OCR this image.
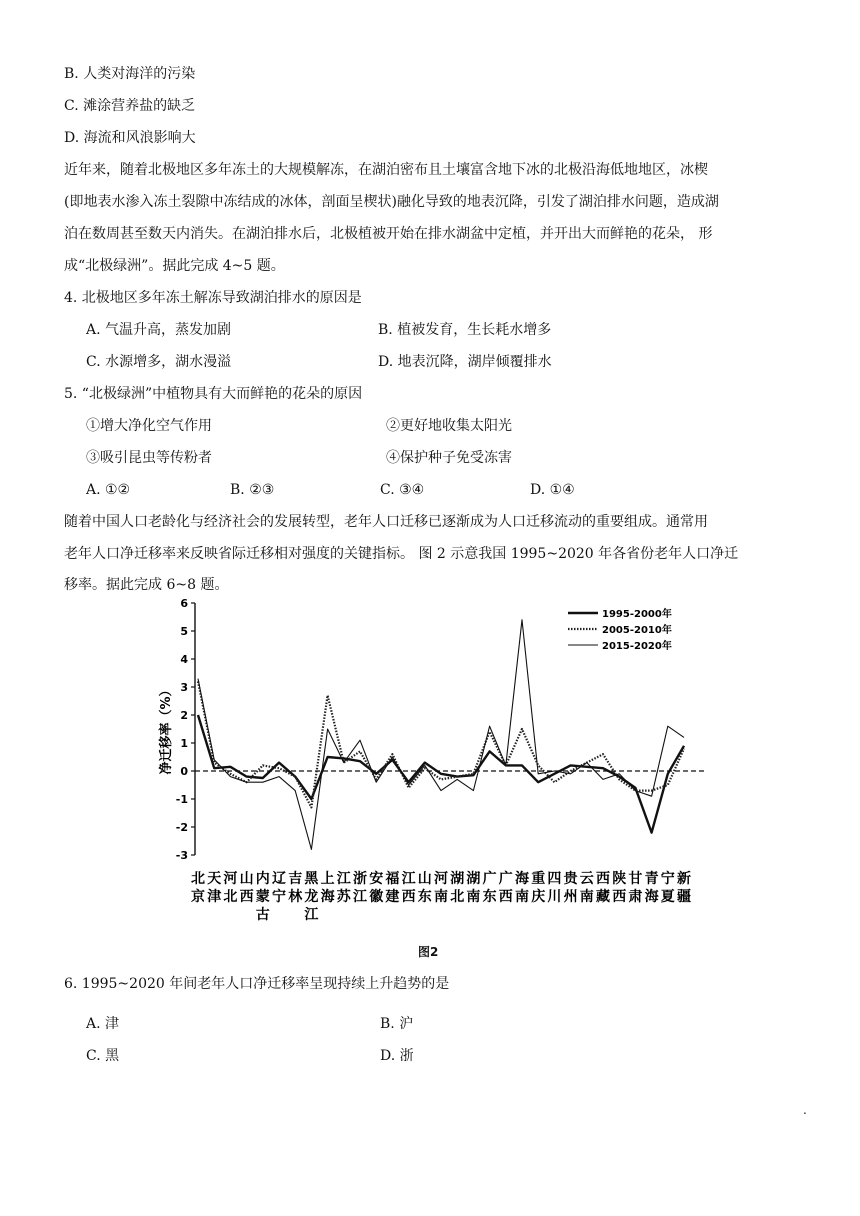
B. 人类对海洋的污染
C. 滩涂营养盐的缺乏
D. 海流和风浪影响大
近年来，随着北极地区多年冻土的大规模解冻，在湖泊密布且土壤富含地下冰的北极沿海低地地区，冰楔
(即地表水渗入冻土裂隙中冻结成的冰体，剖面呈楔状)融化导致的地表沉降，引发了湖泊排水问题，造成湖
泊在数周甚至数天内消失。在湖泊排水后，北极植被开始在排水湖盆中定植，并开出大而鲜艳的花朵， 形
成“北极绿洲”。据此完成 4~5 题。
4. 北极地区多年冻土解冻导致湖泊排水的原因是
A. 气温升高，蒸发加剧	B. 植被发育，生长耗水增多
C. 水源增多，湖水漫溢	D. 地表沉降，湖岸倾覆排水
5. “北极绿洲”中植物具有大而鲜艳的花朵的原因
①增大净化空气作用	②更好地收集太阳光
③吸引昆虫等传粉者	④保护种子免受冻害
A. ①②	B. ②③	C. ③④	D. ①④
随着中国人口老龄化与经济社会的发展转型，老年人口迁移已逐渐成为人口迁移流动的重要组成。通常用
老年人口净迁移率来反映省际迁移相对强度的关键指标。 图 2 示意我国 1995~2020 年各省份老年人口净迁
移率。据此完成 6~8 题。
-3
-2
-1
0
1
2
3
4
5
6
净迁移率（%）
1995-2000年
2005-2010年
2015-2020年
北
京
天
津
河
北
山
西
内
蒙
古
辽
宁
吉
林
黑
龙
江
上
海
江
苏
浙
江
安
徽
福
建
江
西
山
东
河
南
湖
北
湖
南
广
东
广
西
海
南
重
庆
四
川
贵
州
云
南
西
藏
陕
西
甘
肃
青
海
宁
夏
新
疆
图2
6. 1995~2020 年间老年人口净迁移率呈现持续上升趋势的是
A. 津	B. 沪
C. 黑	D. 浙
.
